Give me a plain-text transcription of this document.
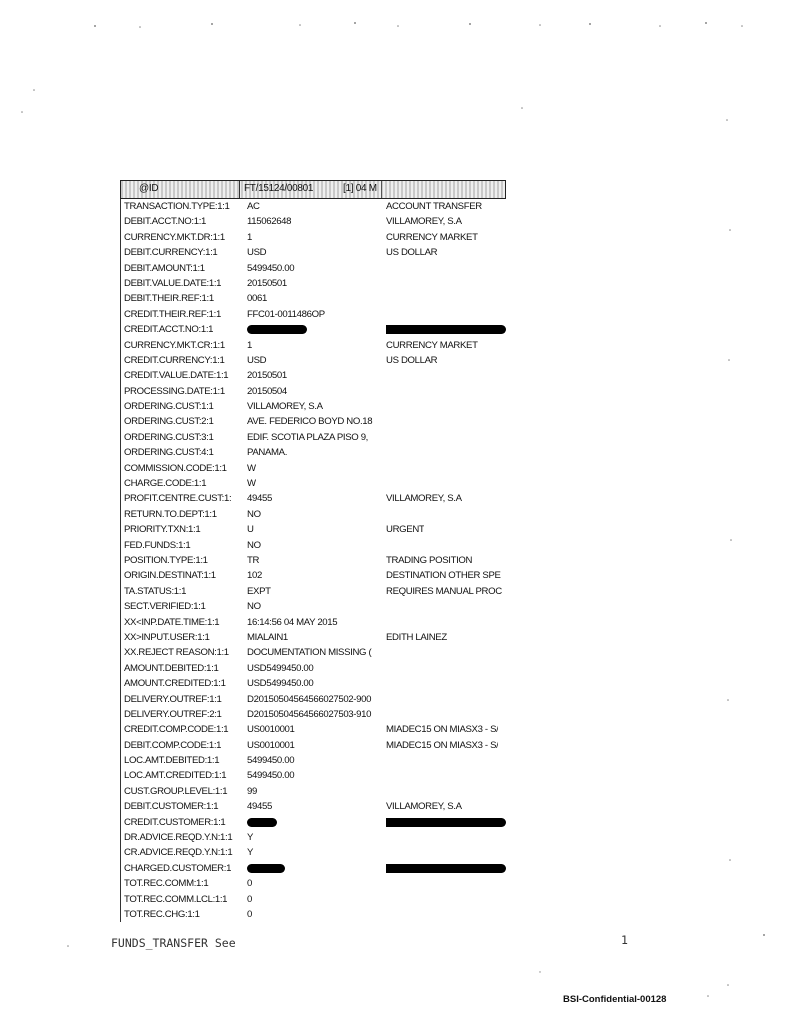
@ID	FT/15124/00801	[1] 04 M
TRANSACTION.TYPE:1:1 AC	ACCOUNT TRANSFER
DEBIT.ACCT.NO:1:1	115062648	VILLAMOREY, S.A
CURRENCY.MKT.DR:1:1 1	CURRENCY MARKET
DEBIT.CURRENCY:1:1	USD	US DOLLAR
DEBIT.AMOUNT:1:1	5499450.00
DEBIT.VALUE.DATE:1:1	20150501
DEBIT.THEIR.REF:1:1	0061
CREDIT.THEIR.REF:1:1	FFC01-0011486OP
CREDIT.ACCT.NO:1:1
CURRENCY.MKT.CR:1:1 1	CURRENCY MARKET
CREDIT.CURRENCY:1:1 USD	US DOLLAR
CREDIT.VALUE.DATE:1:1 20150501
PROCESSING.DATE:1:1 20150504
ORDERING.CUST:1:1	VILLAMOREY, S.A
ORDERING.CUST:2:1	AVE. FEDERICO BOYD NO.18
ORDERING.CUST:3:1	EDIF. SCOTIA PLAZA PISO 9,
ORDERING.CUST:4:1	PANAMA.
COMMISSION.CODE:1:1 W
CHARGE.CODE:1:1	W
PROFIT.CENTRE.CUST:1: 49455	VILLAMOREY, S.A
RETURN.TO.DEPT:1:1	NO
PRIORITY.TXN:1:1	U	URGENT
FED.FUNDS:1:1	NO
POSITION.TYPE:1:1	TR	TRADING POSITION
ORIGIN.DESTINAT:1:1	102	DESTINATION OTHER SPE
TA.STATUS:1:1	EXPT	REQUIRES MANUAL PROC
SECT.VERIFIED:1:1	NO
XX<INP.DATE.TIME:1:1	16:14:56 04 MAY 2015
XX>INPUT.USER:1:1	MIALAIN1	EDITH LAINEZ
XX.REJECT REASON:1:1 DOCUMENTATION MISSING (
AMOUNT.DEBITED:1:1	USD5499450.00
AMOUNT.CREDITED:1:1 USD5499450.00
DELIVERY.OUTREF:1:1	D20150504564566027502-900
DELIVERY.OUTREF:2:1	D20150504564566027503-910
CREDIT.COMP.CODE:1:1 US0010001	MIADEC15 ON MIASX3 - S/
DEBIT.COMP.CODE:1:1	US0010001	MIADEC15 ON MIASX3 - S/
LOC.AMT.DEBITED:1:1	5499450.00
LOC.AMT.CREDITED:1:1 5499450.00
CUST.GROUP.LEVEL:1:1 99
DEBIT.CUSTOMER:1:1	49455	VILLAMOREY, S.A
CREDIT.CUSTOMER:1:1
DR.ADVICE.REQD.Y.N:1:1 Y
CR.ADVICE.REQD.Y.N:1:1 Y
CHARGED.CUSTOMER:1
TOT.REC.COMM:1:1	0
TOT.REC.COMM.LCL:1:1 0
TOT.REC.CHG:1:1	0
FUNDS_TRANSFER See	1
BSI-Confidential-00128
